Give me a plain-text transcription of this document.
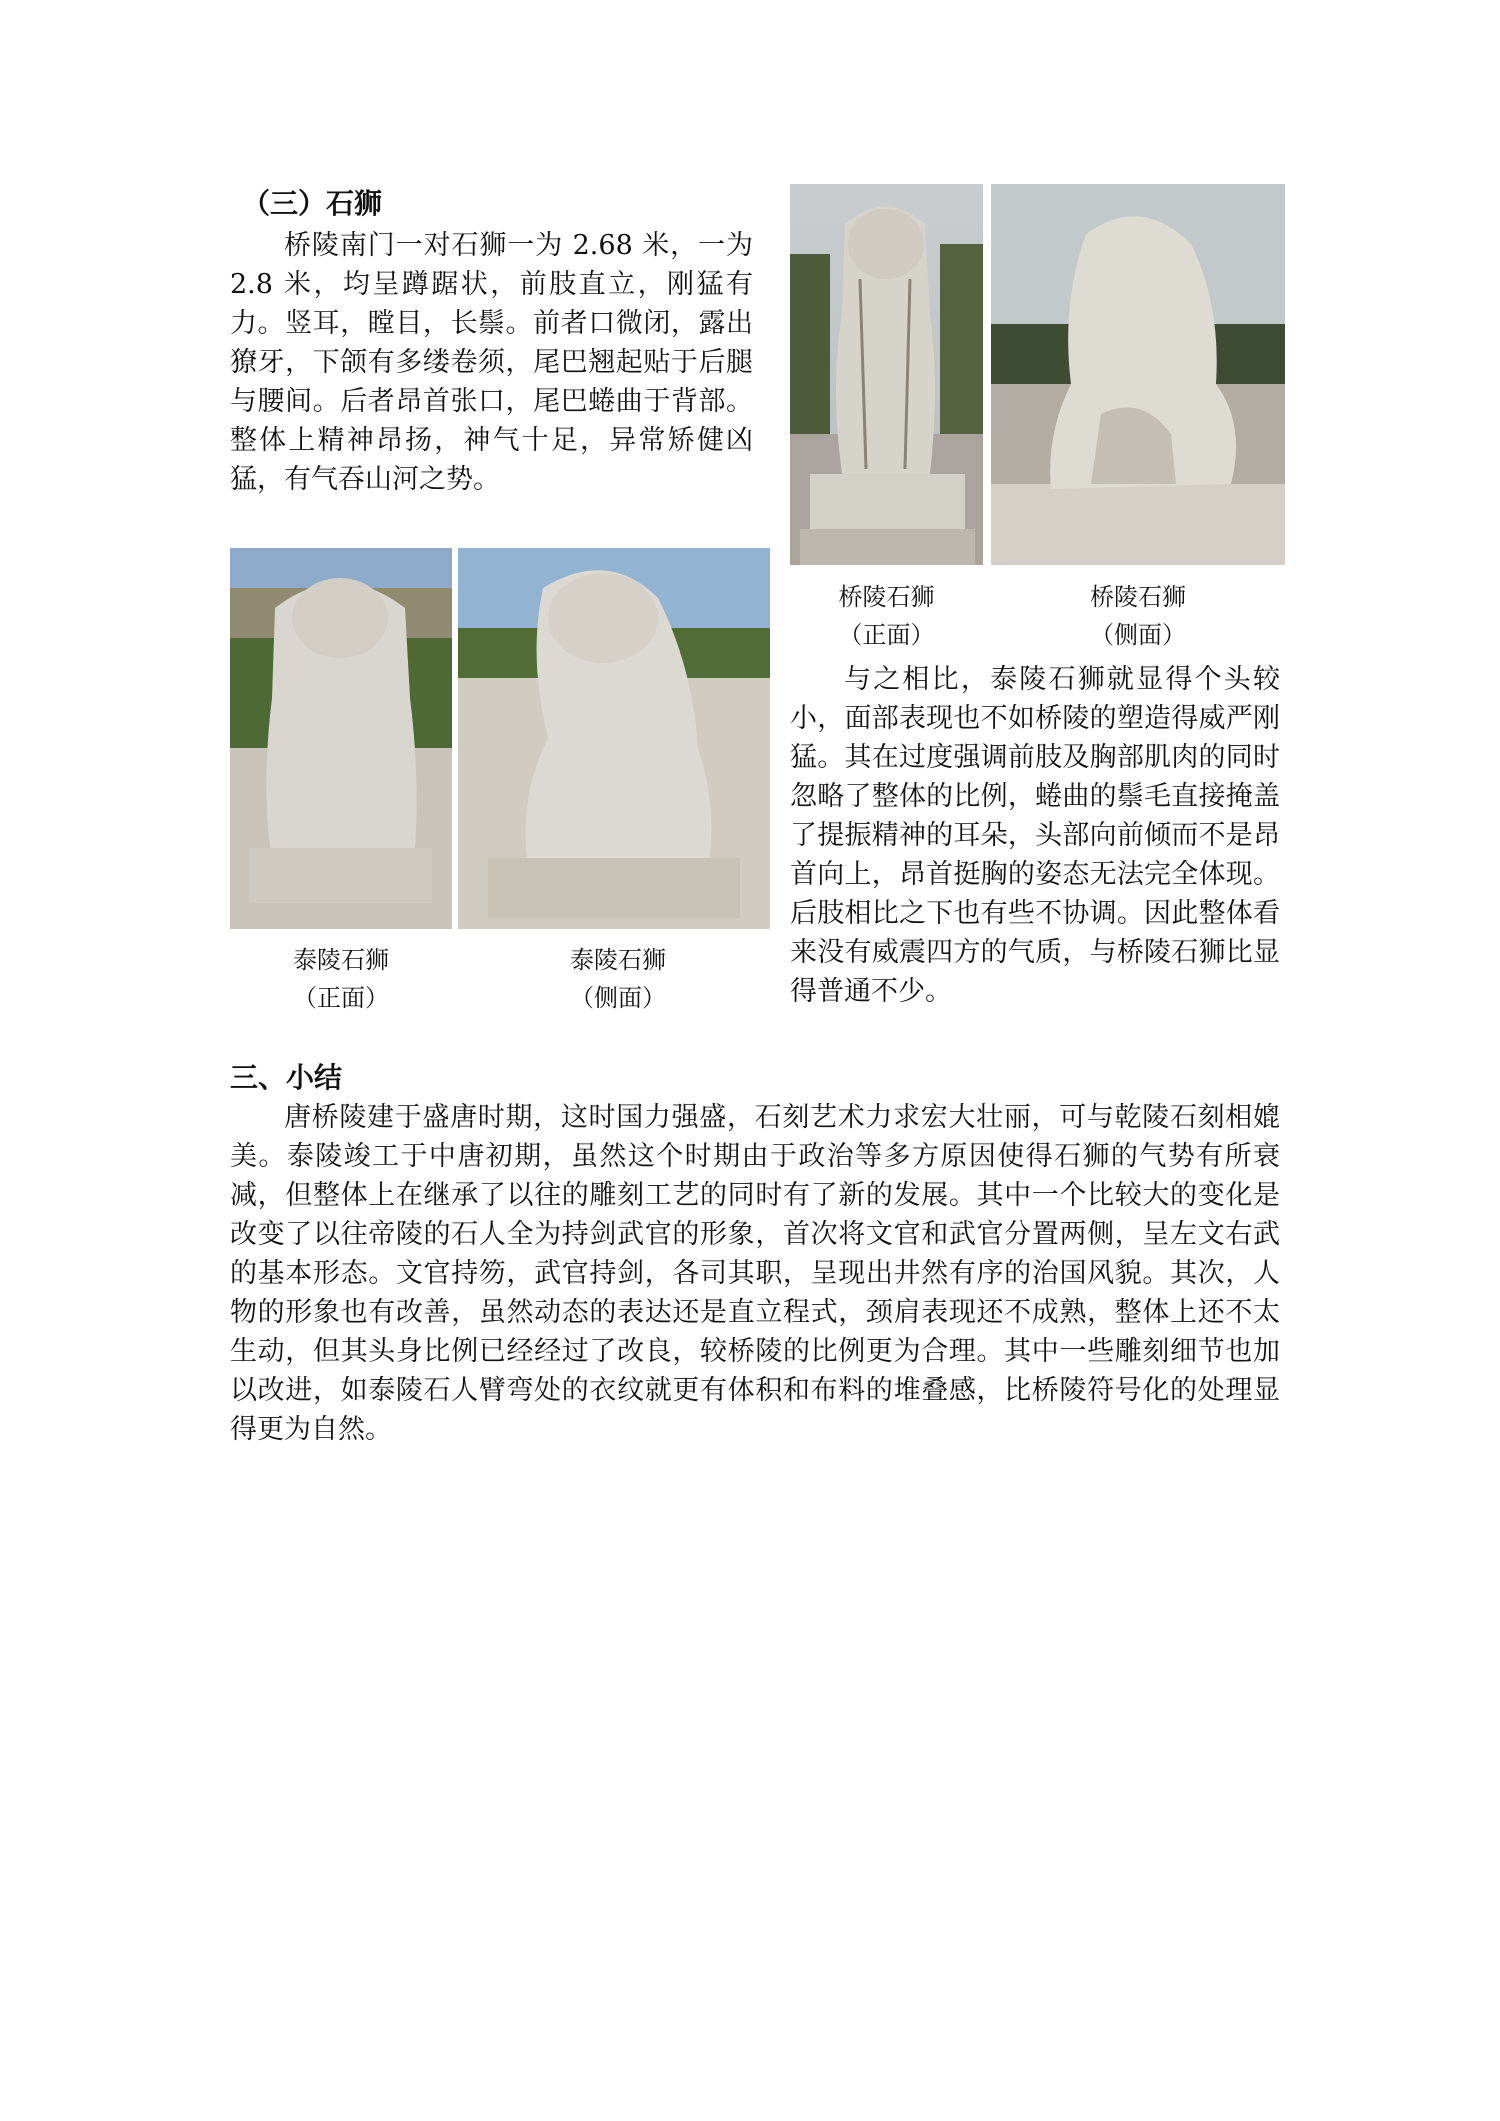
（三）石狮

桥陵南门一对石狮一为 2.68 米，一为 2.8 米，均呈蹲踞状，前肢直立，刚猛有力。竖耳，瞠目，长鬃。前者口微闭，露出獠牙，下颌有多缕卷须，尾巴翘起贴于后腿与腰间。后者昂首张口，尾巴蜷曲于背部。整体上精神昂扬，神气十足，异常矫健凶猛，有气吞山河之势。

桥陵石狮
（正面）
桥陵石狮
（侧面）
泰陵石狮
（正面）
泰陵石狮
（侧面）

与之相比，泰陵石狮就显得个头较小，面部表现也不如桥陵的塑造得威严刚猛。其在过度强调前肢及胸部肌肉的同时忽略了整体的比例，蜷曲的鬃毛直接掩盖了提振精神的耳朵，头部向前倾而不是昂首向上，昂首挺胸的姿态无法完全体现。后肢相比之下也有些不协调。因此整体看来没有威震四方的气质，与桥陵石狮比显得普通不少。

三、小结

唐桥陵建于盛唐时期，这时国力强盛，石刻艺术力求宏大壮丽，可与乾陵石刻相媲美。泰陵竣工于中唐初期，虽然这个时期由于政治等多方原因使得石狮的气势有所衰减，但整体上在继承了以往的雕刻工艺的同时有了新的发展。其中一个比较大的变化是改变了以往帝陵的石人全为持剑武官的形象，首次将文官和武官分置两侧，呈左文右武的基本形态。文官持笏，武官持剑，各司其职，呈现出井然有序的治国风貌。其次，人物的形象也有改善，虽然动态的表达还是直立程式，颈肩表现还不成熟，整体上还不太生动，但其头身比例已经经过了改良，较桥陵的比例更为合理。其中一些雕刻细节也加以改进，如泰陵石人臂弯处的衣纹就更有体积和布料的堆叠感，比桥陵符号化的处理显得更为自然。
